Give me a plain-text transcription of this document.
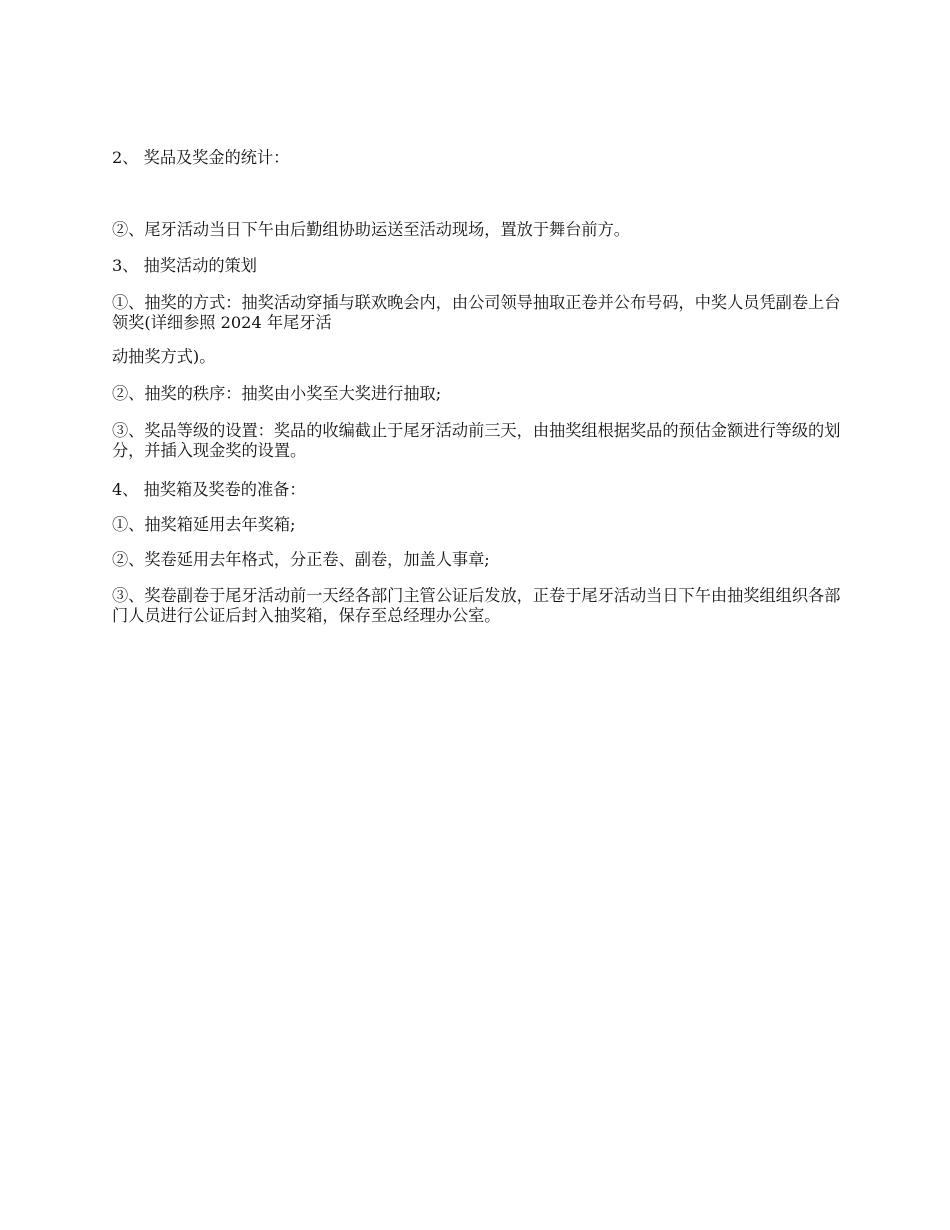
2、 奖品及奖金的统计：

②、尾牙活动当日下午由后勤组协助运送至活动现场，置放于舞台前方。

3、 抽奖活动的策划

①、抽奖的方式：抽奖活动穿插与联欢晚会内，由公司领导抽取正卷并公布号码，中奖人员凭副卷上台领奖(详细参照 2024 年尾牙活

动抽奖方式)。

②、抽奖的秩序：抽奖由小奖至大奖进行抽取;

③、奖品等级的设置：奖品的收编截止于尾牙活动前三天，由抽奖组根据奖品的预估金额进行等级的划分，并插入现金奖的设置。

4、 抽奖箱及奖卷的准备：

①、抽奖箱延用去年奖箱;

②、奖卷延用去年格式，分正卷、副卷，加盖人事章;

③、奖卷副卷于尾牙活动前一天经各部门主管公证后发放，正卷于尾牙活动当日下午由抽奖组组织各部门人员进行公证后封入抽奖箱，保存至总经理办公室。
